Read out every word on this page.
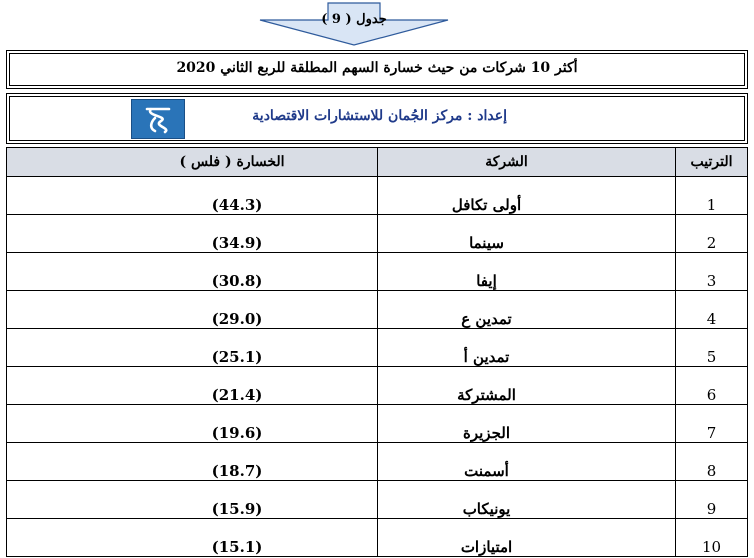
جدول ( 9 )
أكثر 10 شركات من حيث خسارة السهم المطلقة للربع الثاني 2020
إعداد : مركز الجُمان للاستشارات الاقتصادية
الترتيب	الشركة	الخسارة ( فلس )
1	أولى تكافل	(44.3)
2	سينما	(34.9)
3	إيفا	(30.8)
4	تمدين ع	(29.0)
5	تمدين أ	(25.1)
6	المشتركة	(21.4)
7	الجزيرة	(19.6)
8	أسمنت	(18.7)
9	يونيكاب	(15.9)
10	امتيازات	(15.1)
